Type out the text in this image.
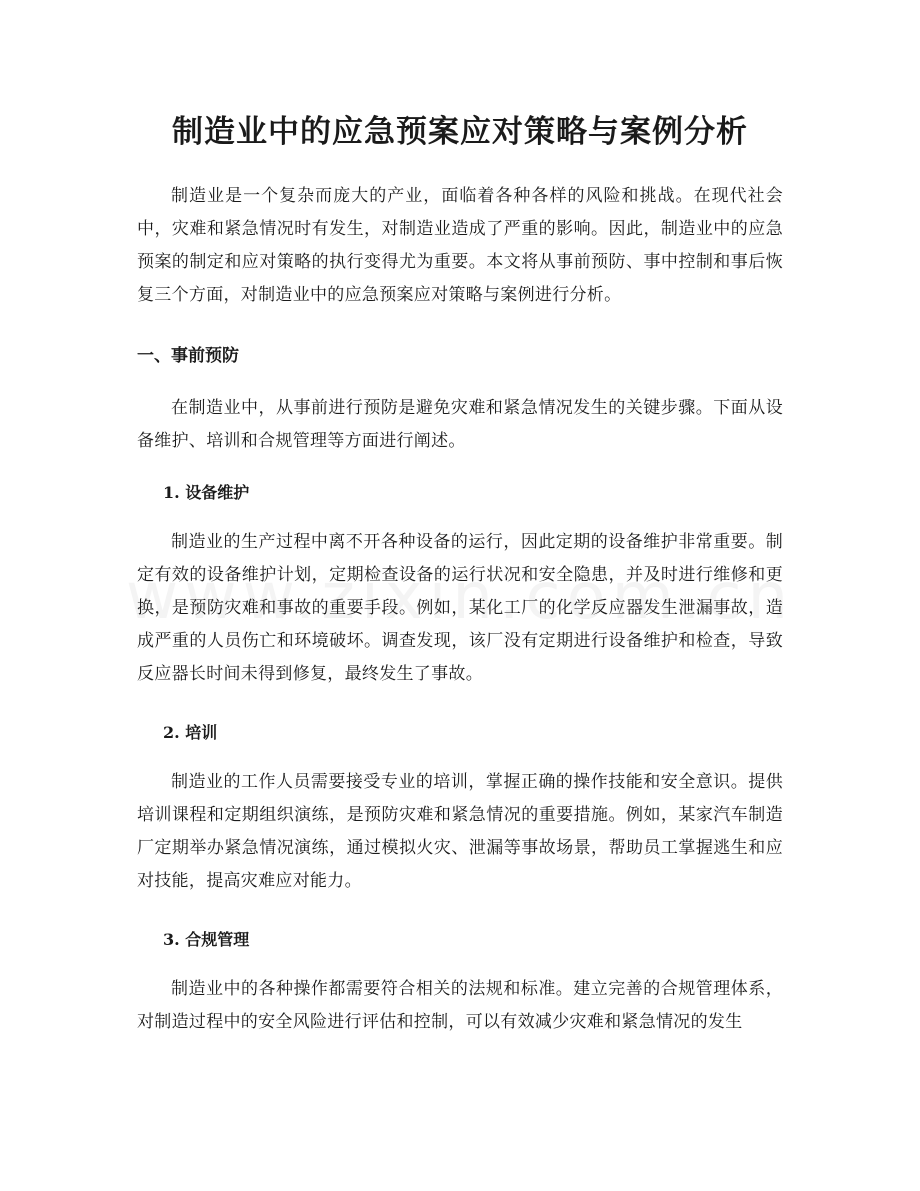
制造业中的应急预案应对策略与案例分析

制造业是一个复杂而庞大的产业，面临着各种各样的风险和挑战。在现代社会中，灾难和紧急情况时有发生，对制造业造成了严重的影响。因此，制造业中的应急预案的制定和应对策略的执行变得尤为重要。本文将从事前预防、事中控制和事后恢复三个方面，对制造业中的应急预案应对策略与案例进行分析。

一、事前预防

在制造业中，从事前进行预防是避免灾难和紧急情况发生的关键步骤。下面从设备维护、培训和合规管理等方面进行阐述。

1. 设备维护

制造业的生产过程中离不开各种设备的运行，因此定期的设备维护非常重要。制定有效的设备维护计划，定期检查设备的运行状况和安全隐患，并及时进行维修和更换，是预防灾难和事故的重要手段。例如，某化工厂的化学反应器发生泄漏事故，造成严重的人员伤亡和环境破坏。调查发现，该厂没有定期进行设备维护和检查，导致反应器长时间未得到修复，最终发生了事故。

2. 培训

制造业的工作人员需要接受专业的培训，掌握正确的操作技能和安全意识。提供培训课程和定期组织演练，是预防灾难和紧急情况的重要措施。例如，某家汽车制造厂定期举办紧急情况演练，通过模拟火灾、泄漏等事故场景，帮助员工掌握逃生和应对技能，提高灾难应对能力。

3. 合规管理

制造业中的各种操作都需要符合相关的法规和标准。建立完善的合规管理体系，对制造过程中的安全风险进行评估和控制，可以有效减少灾难和紧急情况的发生
